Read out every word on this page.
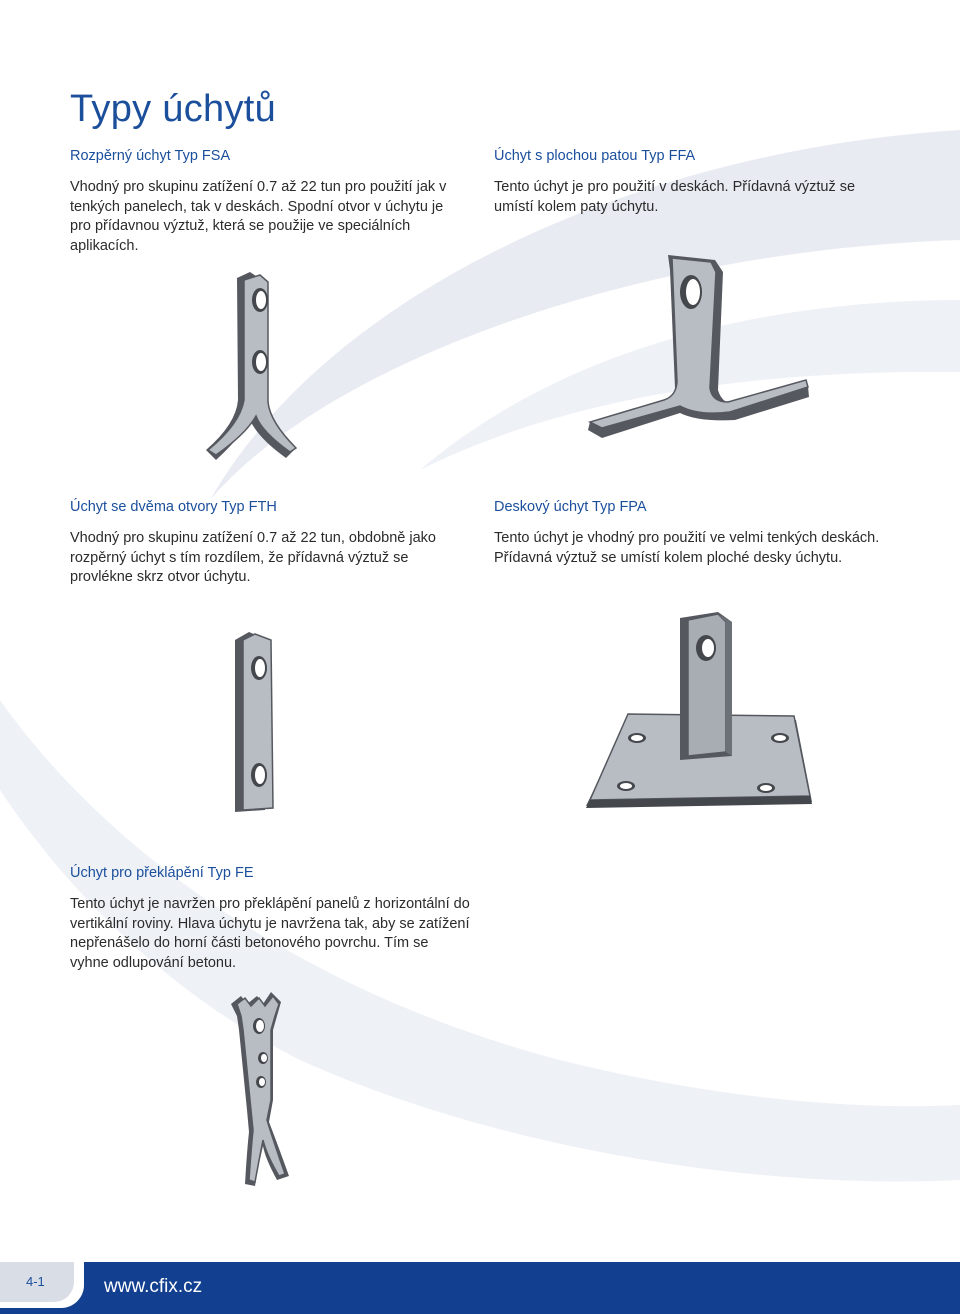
Typy úchytů
Rozpěrný úchyt Typ FSA

Vhodný pro skupinu zatížení 0.7 až 22 tun pro použití jak v tenkých panelech, tak v deskách. Spodní otvor v úchytu je pro přídavnou výztuž, která se použije ve speciálních aplikacích.

Úchyt s plochou patou Typ FFA

Tento úchyt je pro použití v deskách. Přídavná výztuž se umístí kolem paty úchytu.

Úchyt se dvěma otvory Typ FTH

Vhodný pro skupinu zatížení 0.7 až 22 tun, obdobně jako rozpěrný úchyt s tím rozdílem, že přídavná výztuž se provlékne skrz otvor úchytu.

Deskový úchyt Typ FPA

Tento úchyt je vhodný pro použití ve velmi tenkých deskách. Přídavná výztuž se umístí kolem ploché desky úchytu.

Úchyt pro překlápění Typ FE

Tento úchyt je navržen pro překlápění panelů z horizontální do vertikální roviny. Hlava úchytu je navržena tak, aby se zatížení nepřenášelo do horní části betonového povrchu. Tím se vyhne odlupování betonu.

4-1	www.cfix.cz
